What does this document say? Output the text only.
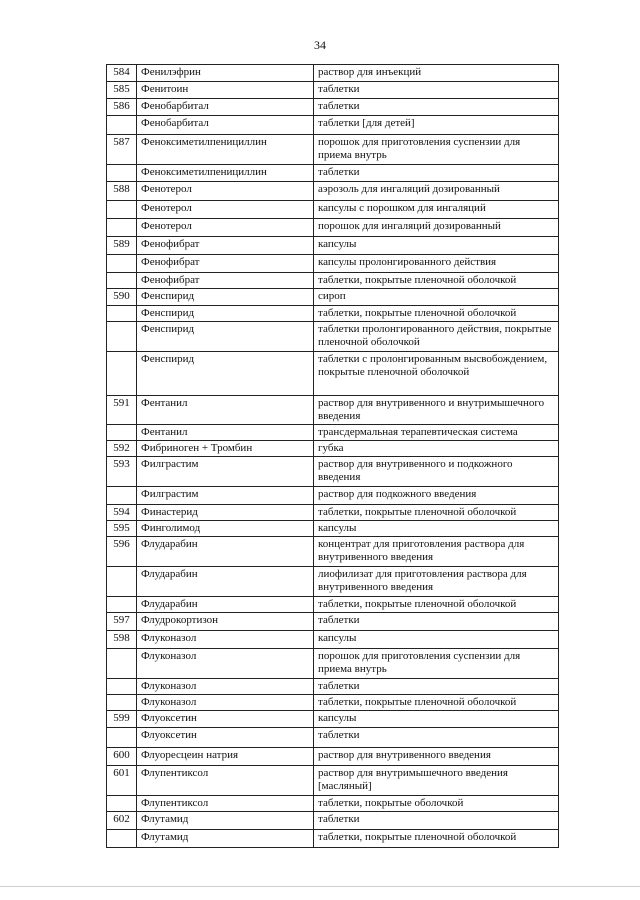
34
584	Фенилэфрин	раствор для инъекций
585	Фенитоин	таблетки
586	Фенобарбитал	таблетки
	Фенобарбитал	таблетки [для детей]
587	Феноксиметилпенициллин	порошок для приготовления суспензии для приема внутрь
	Феноксиметилпенициллин	таблетки
588	Фенотерол	аэрозоль для ингаляций дозированный
	Фенотерол	капсулы с порошком для ингаляций
	Фенотерол	порошок для ингаляций дозированный
589	Фенофибрат	капсулы
	Фенофибрат	капсулы пролонгированного действия
	Фенофибрат	таблетки, покрытые пленочной оболочкой
590	Фенспирид	сироп
	Фенспирид	таблетки, покрытые пленочной оболочкой
	Фенспирид	таблетки пролонгированного действия, покрытые пленочной оболочкой
	Фенспирид	таблетки с пролонгированным высвобождением, покрытые пленочной оболочкой
591	Фентанил	раствор для внутривенного и внутримышечного введения
	Фентанил	трансдермальная терапевтическая система
592	Фибриноген + Тромбин	губка
593	Филграстим	раствор для внутривенного и подкожного введения
	Филграстим	раствор для подкожного введения
594	Финастерид	таблетки, покрытые пленочной оболочкой
595	Финголимод	капсулы
596	Флударабин	концентрат для приготовления раствора для внутривенного введения
	Флударабин	лиофилизат для приготовления раствора для внутривенного введения
	Флударабин	таблетки, покрытые пленочной оболочкой
597	Флудрокортизон	таблетки
598	Флуконазол	капсулы
	Флуконазол	порошок для приготовления суспензии для приема внутрь
	Флуконазол	таблетки
	Флуконазол	таблетки, покрытые пленочной оболочкой
599	Флуоксетин	капсулы
	Флуоксетин	таблетки
600	Флуоресцеин натрия	раствор для внутривенного введения
601	Флупентиксол	раствор для внутримышечного введения [масляный]
	Флупентиксол	таблетки, покрытые оболочкой
602	Флутамид	таблетки
	Флутамид	таблетки, покрытые пленочной оболочкой
